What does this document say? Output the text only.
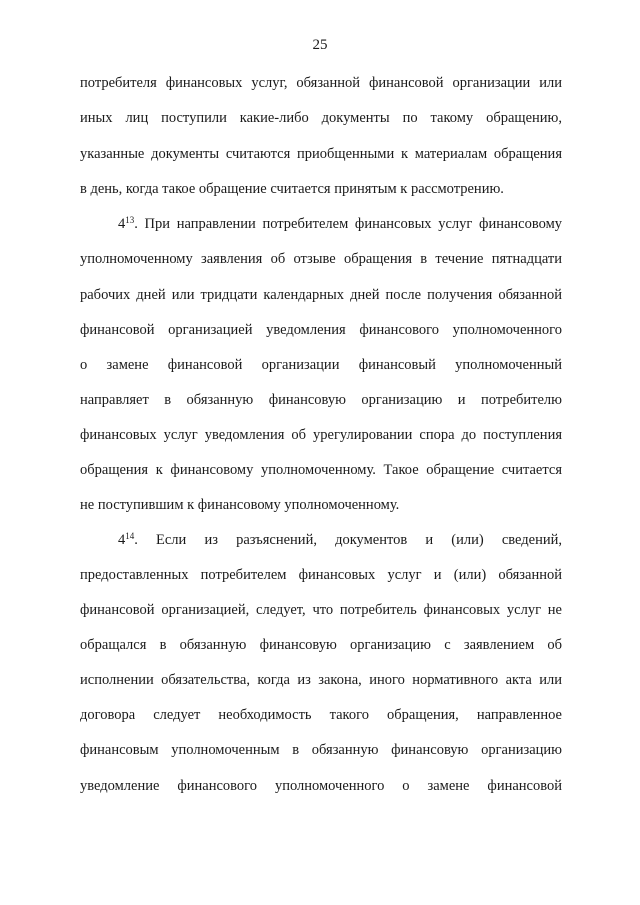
25
потребителя финансовых услуг, обязанной финансовой организации или
иных лиц поступили какие-либо документы по такому обращению,
указанные документы считаются приобщенными к материалам обращения
в день, когда такое обращение считается принятым к рассмотрению.
$4^{13}$. При направлении потребителем финансовых услуг финансовому
уполномоченному заявления об отзыве обращения в течение пятнадцати
рабочих дней или тридцати календарных дней после получения обязанной
финансовой организацией уведомления финансового уполномоченного
о замене финансовой организации финансовый уполномоченный
направляет в обязанную финансовую организацию и потребителю
финансовых услуг уведомления об урегулировании спора до поступления
обращения к финансовому уполномоченному. Такое обращение считается
не поступившим к финансовому уполномоченному.
$4^{14}$. Если из разъяснений, документов и (или) сведений,
предоставленных потребителем финансовых услуг и (или) обязанной
финансовой организацией, следует, что потребитель финансовых услуг не
обращался в обязанную финансовую организацию с заявлением об
исполнении обязательства, когда из закона, иного нормативного акта или
договора следует необходимость такого обращения, направленное
финансовым уполномоченным в обязанную финансовую организацию
уведомление финансового уполномоченного о замене финансовой
